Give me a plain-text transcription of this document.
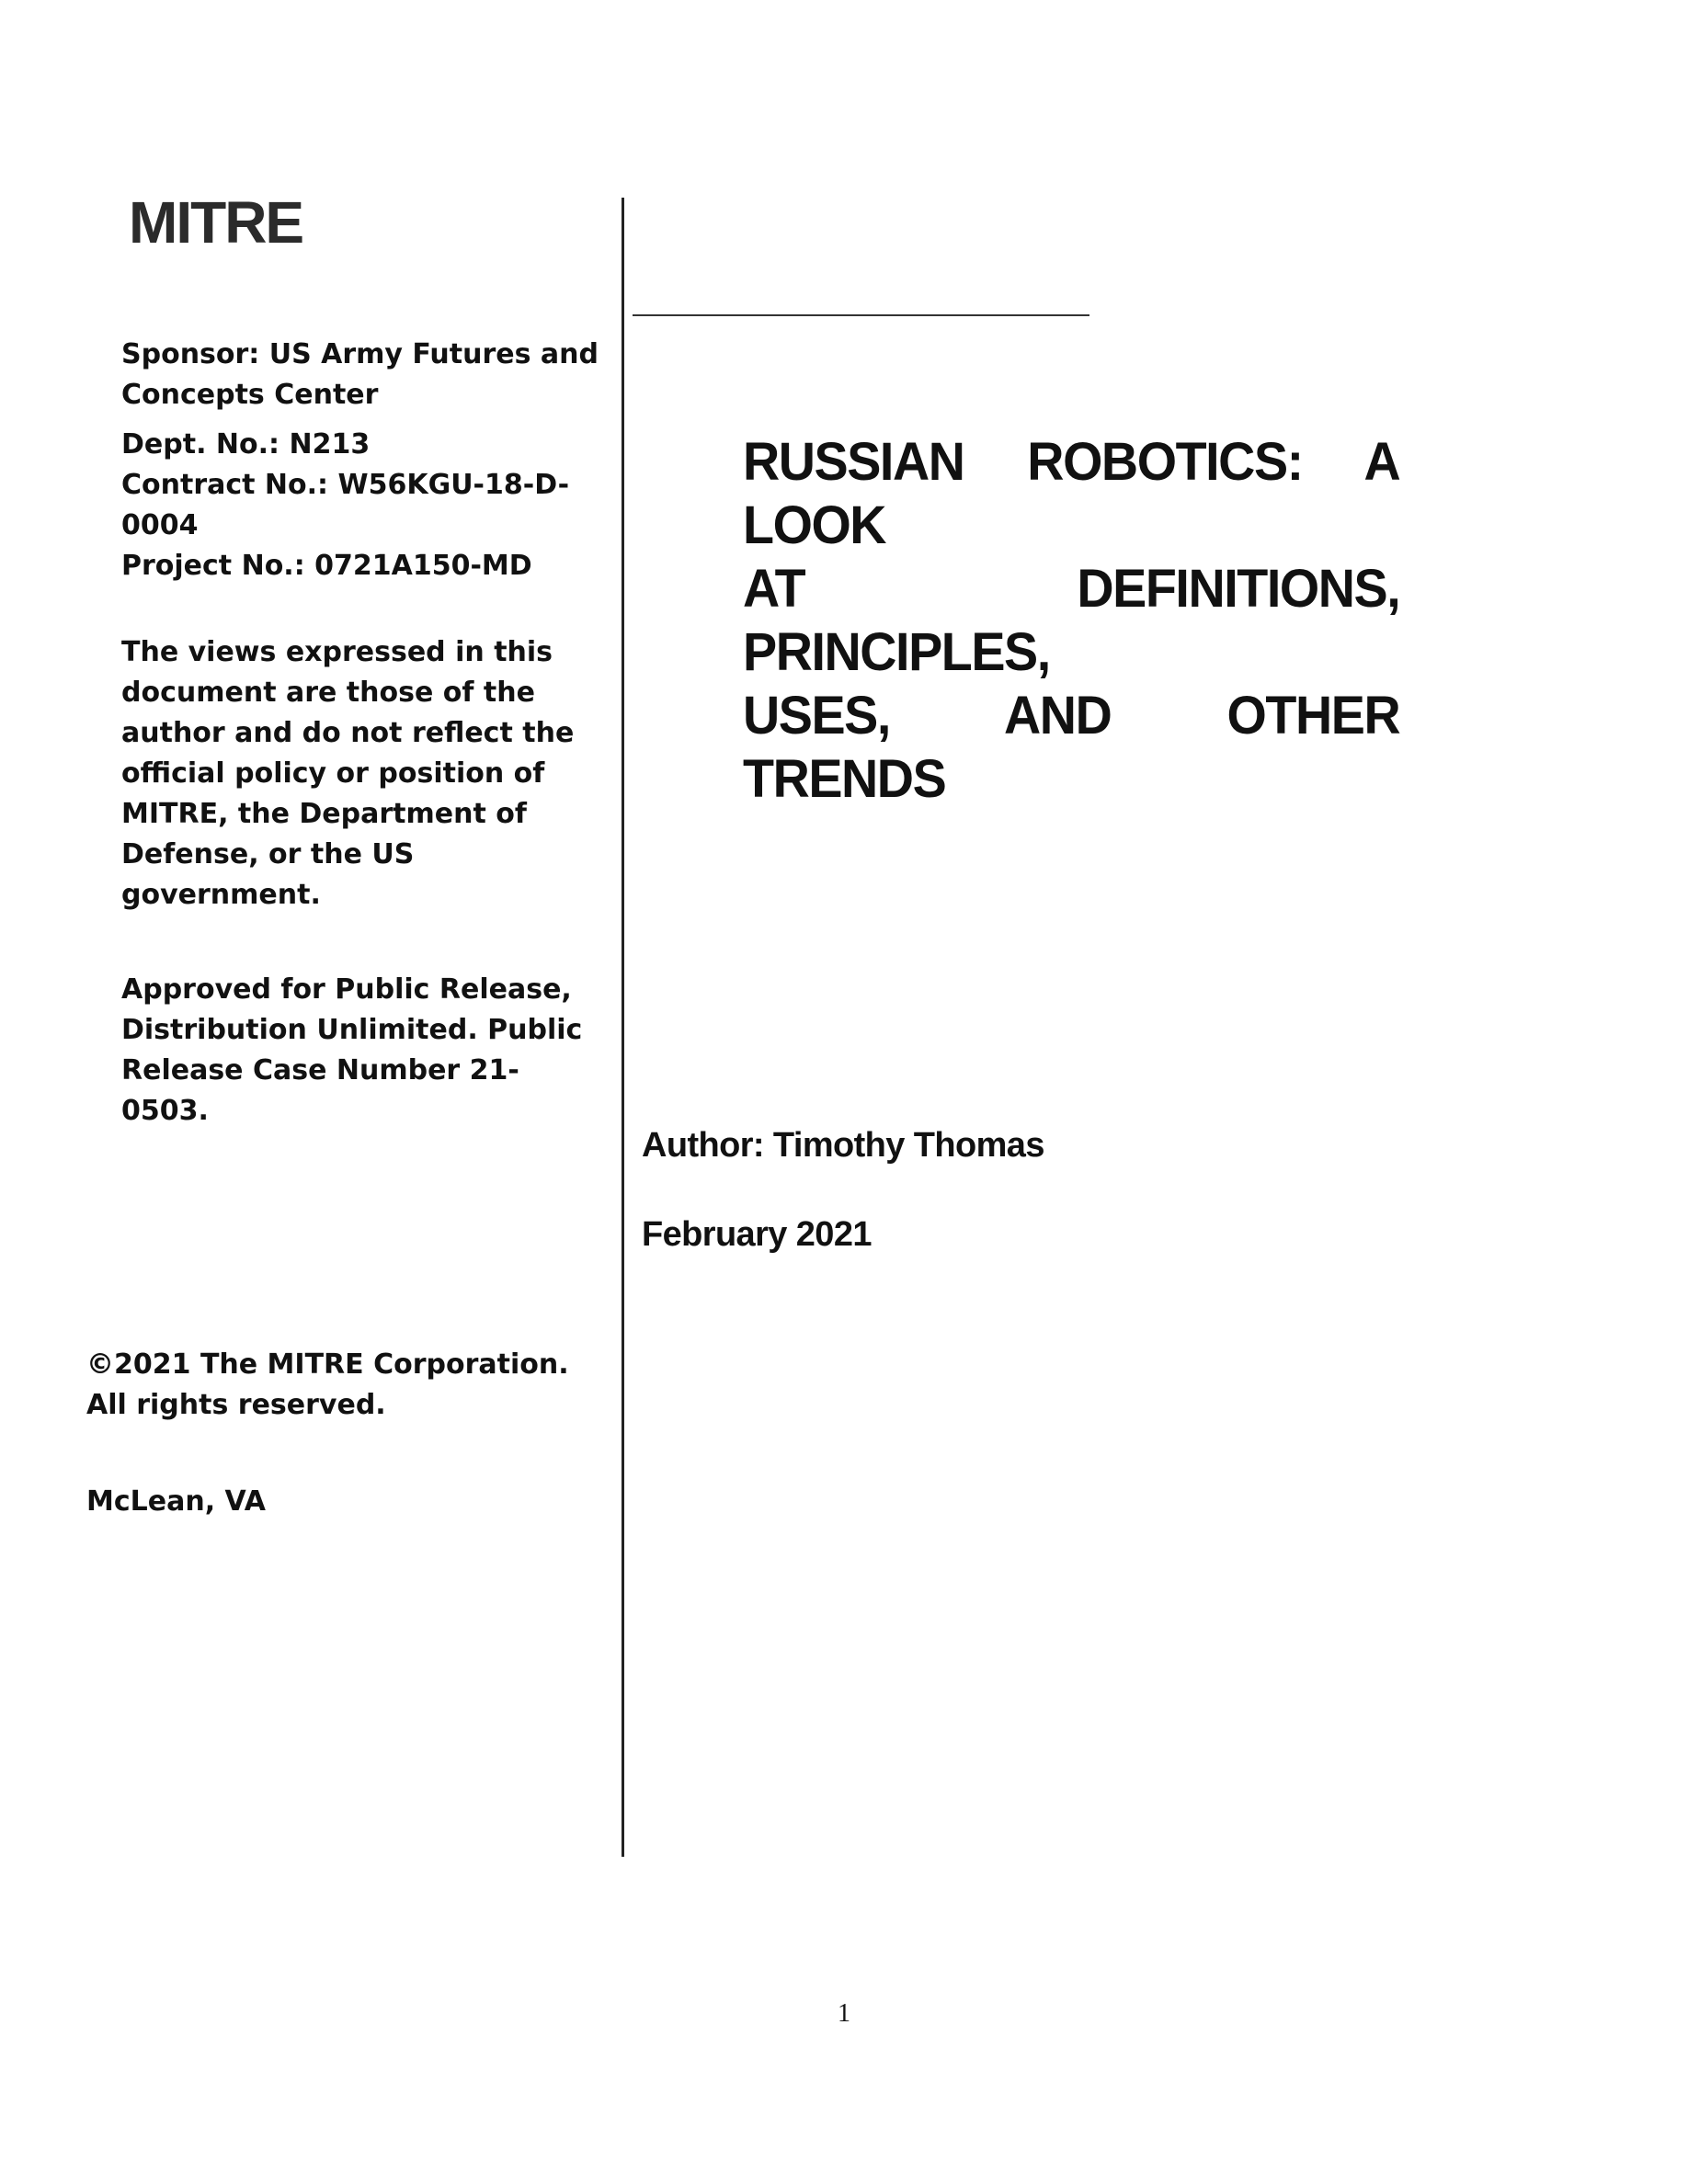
MITRE

Sponsor: US Army Futures and

Concepts Center

Dept. No.: N213

Contract No.: W56KGU-18-D-

0004

Project No.: 0721A150-MD

The views expressed in this

document are those of the

author and do not reflect the

official policy or position of

MITRE, the Department of

Defense, or the US

government.

Approved for Public Release,

Distribution Unlimited. Public

Release Case Number 21-

0503.

©2021 The MITRE Corporation.

All rights reserved.

McLean, VA

RUSSIAN ROBOTICS: A LOOK
AT DEFINITIONS, PRINCIPLES,
USES, AND OTHER TRENDS
Author: Timothy Thomas
February 2021
1
